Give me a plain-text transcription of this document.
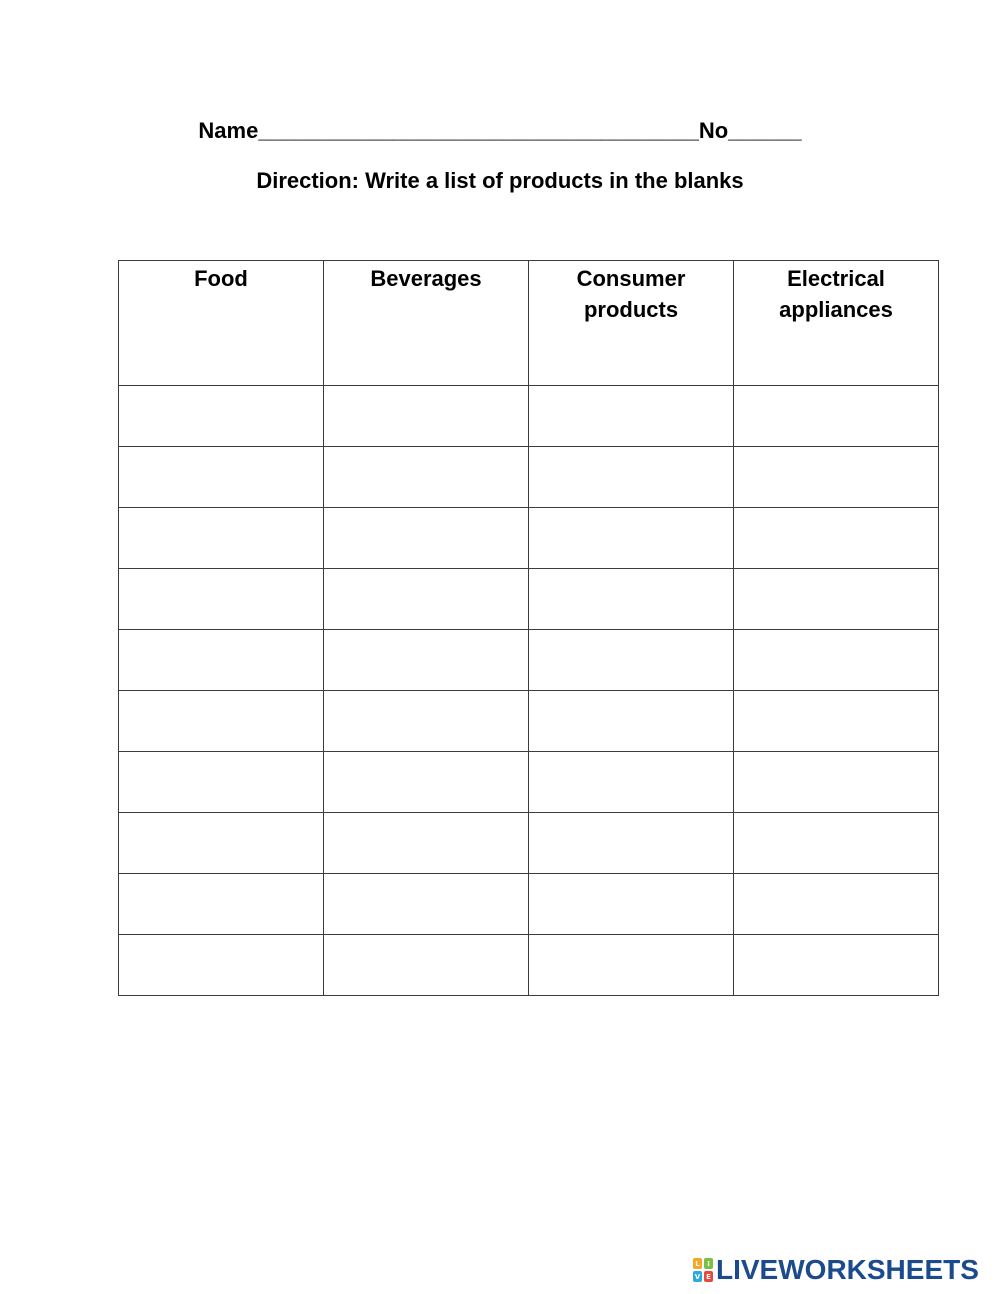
Name____________________________________No______
Direction: Write a list of products in the blanks
Food	Beverages	Consumer products	Electrical appliances

L	I
V E LIVEWORKSHEETS
